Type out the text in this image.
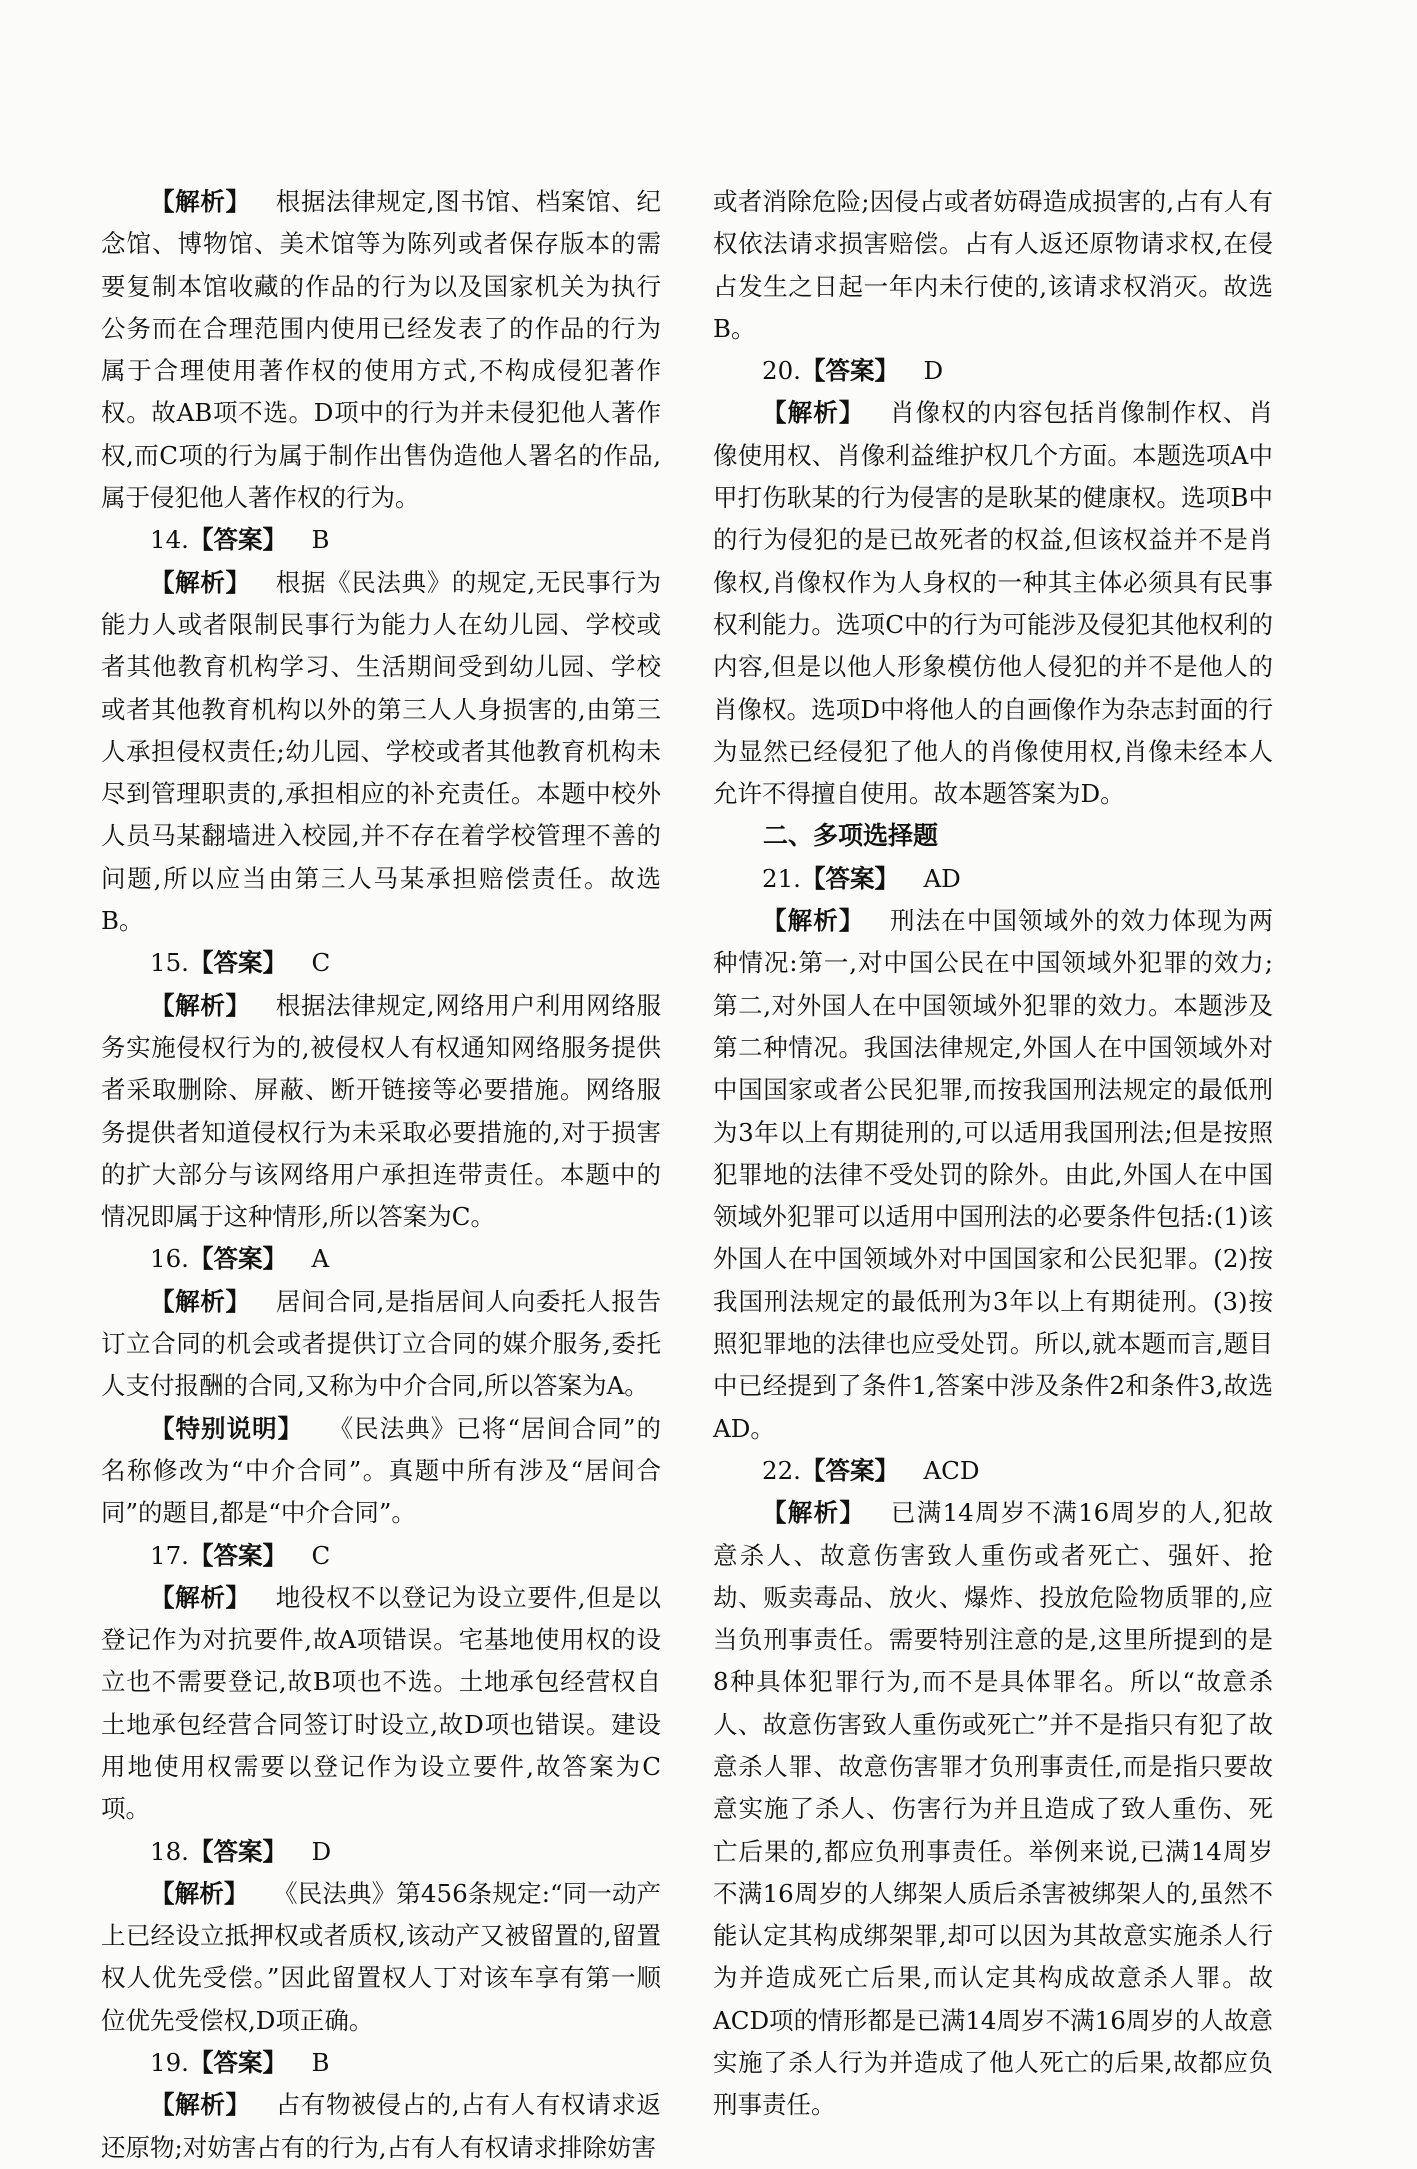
【解析】 根据法律规定,图书馆、档案馆、纪念馆、博物馆、美术馆等为陈列或者保存版本的需要复制本馆收藏的作品的行为以及国家机关为执行公务而在合理范围内使用已经发表了的作品的行为属于合理使用著作权的使用方式,不构成侵犯著作权。故AB项不选。D项中的行为并未侵犯他人著作权,而C项的行为属于制作出售伪造他人署名的作品,属于侵犯他人著作权的行为。

14.【答案】 B

【解析】 根据《民法典》的规定,无民事行为能力人或者限制民事行为能力人在幼儿园、学校或者其他教育机构学习、生活期间受到幼儿园、学校或者其他教育机构以外的第三人人身损害的,由第三人承担侵权责任;幼儿园、学校或者其他教育机构未尽到管理职责的,承担相应的补充责任。本题中校外人员马某翻墙进入校园,并不存在着学校管理不善的问题,所以应当由第三人马某承担赔偿责任。故选B。

15.【答案】 C

【解析】 根据法律规定,网络用户利用网络服务实施侵权行为的,被侵权人有权通知网络服务提供者采取删除、屏蔽、断开链接等必要措施。网络服务提供者知道侵权行为未采取必要措施的,对于损害的扩大部分与该网络用户承担连带责任。本题中的情况即属于这种情形,所以答案为C。

16.【答案】 A

【解析】 居间合同,是指居间人向委托人报告订立合同的机会或者提供订立合同的媒介服务,委托人支付报酬的合同,又称为中介合同,所以答案为A。

【特别说明】 《民法典》已将“居间合同”的名称修改为“中介合同”。真题中所有涉及“居间合同”的题目,都是“中介合同”。

17.【答案】 C

【解析】 地役权不以登记为设立要件,但是以登记作为对抗要件,故A项错误。宅基地使用权的设立也不需要登记,故B项也不选。土地承包经营权自土地承包经营合同签订时设立,故D项也错误。建设用地使用权需要以登记作为设立要件,故答案为C项。

18.【答案】 D

【解析】 《民法典》第456条规定:“同一动产上已经设立抵押权或者质权,该动产又被留置的,留置权人优先受偿。”因此留置权人丁对该车享有第一顺位优先受偿权,D项正确。

19.【答案】 B

【解析】 占有物被侵占的,占有人有权请求返还原物;对妨害占有的行为,占有人有权请求排除妨害

或者消除危险;因侵占或者妨碍造成损害的,占有人有权依法请求损害赔偿。占有人返还原物请求权,在侵占发生之日起一年内未行使的,该请求权消灭。故选B。

20.【答案】 D

【解析】 肖像权的内容包括肖像制作权、肖像使用权、肖像利益维护权几个方面。本题选项A中甲打伤耿某的行为侵害的是耿某的健康权。选项B中的行为侵犯的是已故死者的权益,但该权益并不是肖像权,肖像权作为人身权的一种其主体必须具有民事权利能力。选项C中的行为可能涉及侵犯其他权利的内容,但是以他人形象模仿他人侵犯的并不是他人的肖像权。选项D中将他人的自画像作为杂志封面的行为显然已经侵犯了他人的肖像使用权,肖像未经本人允许不得擅自使用。故本题答案为D。

二、多项选择题

21.【答案】 AD

【解析】 刑法在中国领域外的效力体现为两种情况:第一,对中国公民在中国领域外犯罪的效力;第二,对外国人在中国领域外犯罪的效力。本题涉及第二种情况。我国法律规定,外国人在中国领域外对中国国家或者公民犯罪,而按我国刑法规定的最低刑为3年以上有期徒刑的,可以适用我国刑法;但是按照犯罪地的法律不受处罚的除外。由此,外国人在中国领域外犯罪可以适用中国刑法的必要条件包括:(1)该外国人在中国领域外对中国国家和公民犯罪。(2)按我国刑法规定的最低刑为3年以上有期徒刑。(3)按照犯罪地的法律也应受处罚。所以,就本题而言,题目中已经提到了条件1,答案中涉及条件2和条件3,故选AD。

22.【答案】 ACD

【解析】 已满14周岁不满16周岁的人,犯故意杀人、故意伤害致人重伤或者死亡、强奸、抢劫、贩卖毒品、放火、爆炸、投放危险物质罪的,应当负刑事责任。需要特别注意的是,这里所提到的是8种具体犯罪行为,而不是具体罪名。所以“故意杀人、故意伤害致人重伤或死亡”并不是指只有犯了故意杀人罪、故意伤害罪才负刑事责任,而是指只要故意实施了杀人、伤害行为并且造成了致人重伤、死亡后果的,都应负刑事责任。举例来说,已满14周岁不满16周岁的人绑架人质后杀害被绑架人的,虽然不能认定其构成绑架罪,却可以因为其故意实施杀人行为并造成死亡后果,而认定其构成故意杀人罪。故ACD项的情形都是已满14周岁不满16周岁的人故意实施了杀人行为并造成了他人死亡的后果,故都应负刑事责任。
